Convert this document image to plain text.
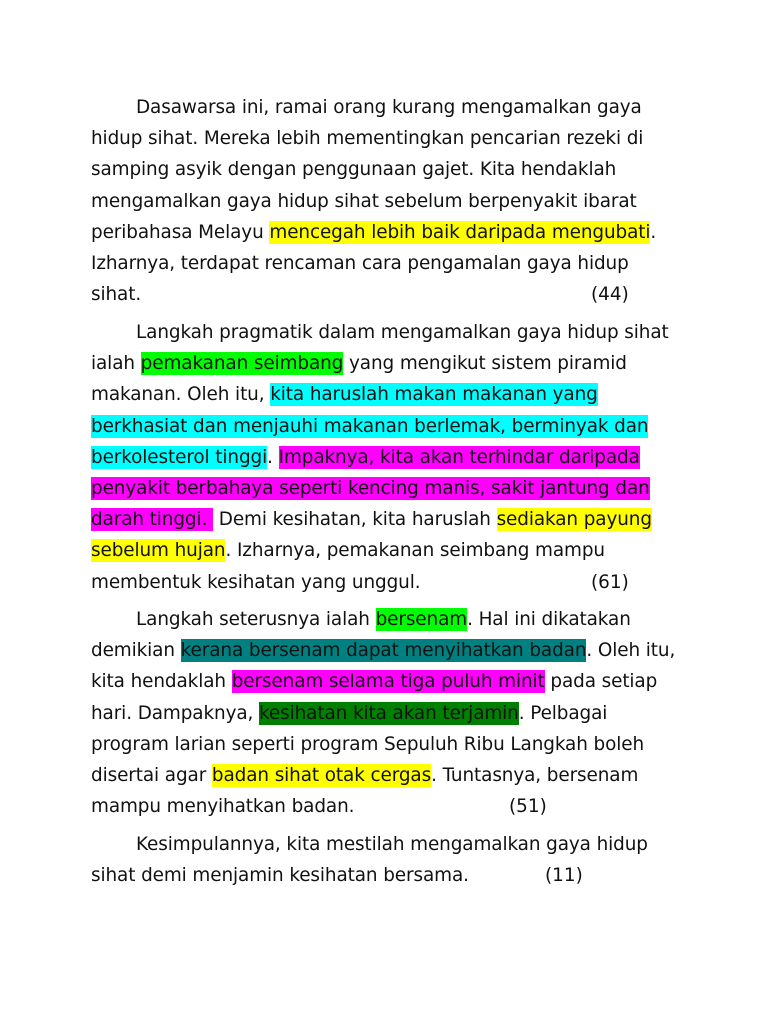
Dasawarsa ini, ramai orang kurang mengamalkan gaya
hidup sihat. Mereka lebih mementingkan pencarian rezeki di
samping asyik dengan penggunaan gajet. Kita hendaklah
mengamalkan gaya hidup sihat sebelum berpenyakit ibarat
peribahasa Melayu mencegah lebih baik daripada mengubati.
Izharnya, terdapat rencaman cara pengamalan gaya hidup
sihat.	(44)
Langkah pragmatik dalam mengamalkan gaya hidup sihat
ialah pemakanan seimbang yang mengikut sistem piramid
makanan. Oleh itu, kita haruslah makan makanan yang
berkhasiat dan menjauhi makanan berlemak, berminyak dan
berkolesterol tinggi. Impaknya, kita akan terhindar daripada
penyakit berbahaya seperti kencing manis, sakit jantung dan
darah tinggi.  Demi kesihatan, kita haruslah sediakan payung
sebelum hujan. Izharnya, pemakanan seimbang mampu
membentuk kesihatan yang unggul.	(61)
Langkah seterusnya ialah bersenam. Hal ini dikatakan
demikian kerana bersenam dapat menyihatkan badan. Oleh itu,
kita hendaklah bersenam selama tiga puluh minit pada setiap
hari. Dampaknya, kesihatan kita akan terjamin. Pelbagai
program larian seperti program Sepuluh Ribu Langkah boleh
disertai agar badan sihat otak cergas. Tuntasnya, bersenam
mampu menyihatkan badan.	(51)
Kesimpulannya, kita mestilah mengamalkan gaya hidup
sihat demi menjamin kesihatan bersama.	(11)
